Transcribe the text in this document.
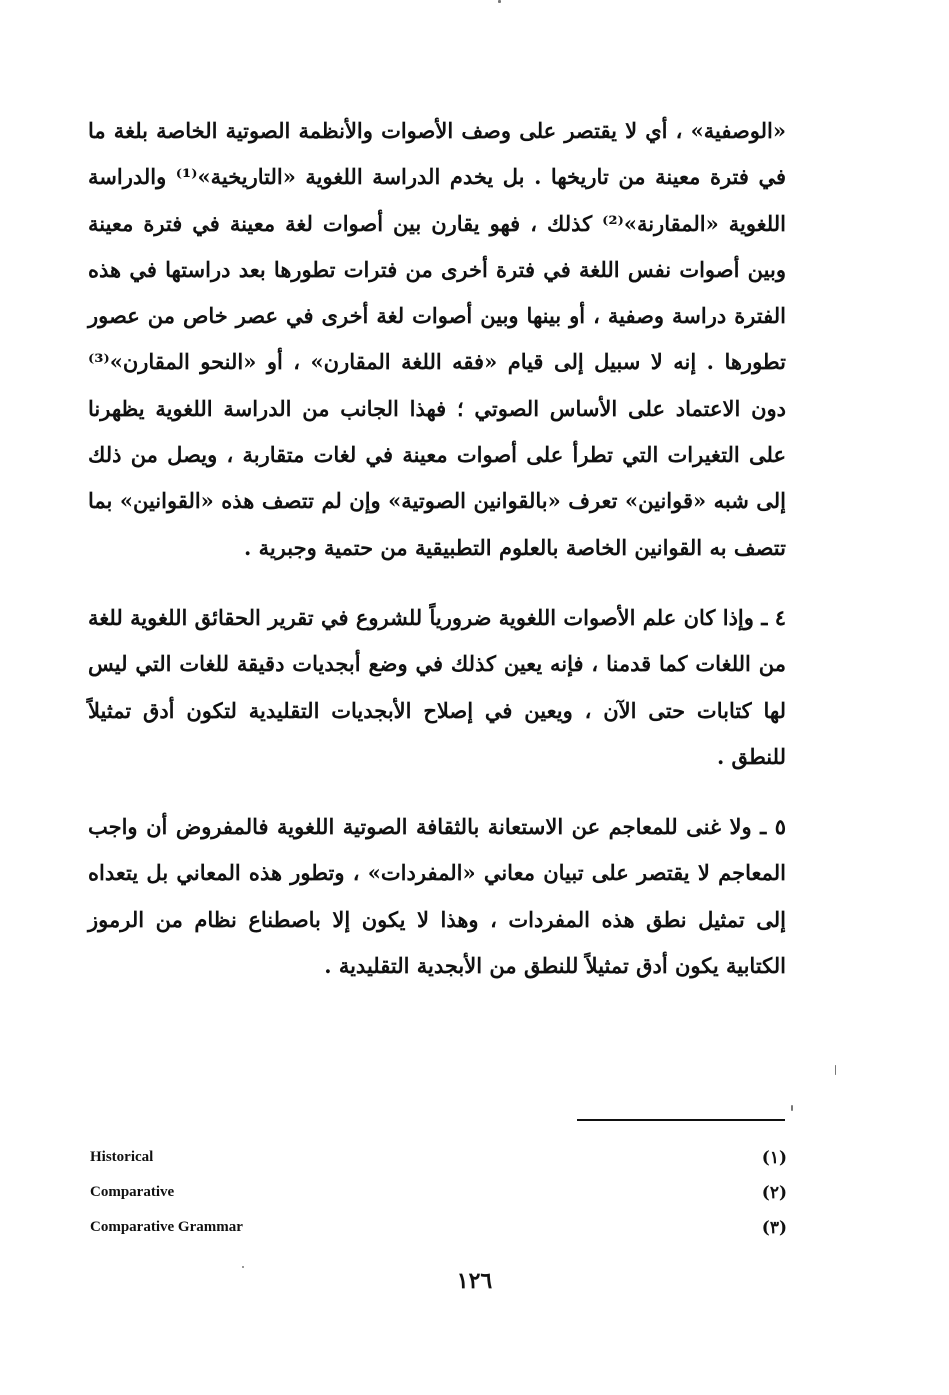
«الوصفية» ، أي لا يقتصر على وصف الأصوات والأنظمة الصوتية الخاصة بلغة ما في فترة معينة من تاريخها . بل يخدم الدراسة اللغوية «التاريخية»⁽¹⁾ والدراسة اللغوية «المقارنة»⁽²⁾ كذلك ، فهو يقارن بين أصوات لغة معينة في فترة معينة وبين أصوات نفس اللغة في فترة أخرى من فترات تطورها بعد دراستها في هذه الفترة دراسة وصفية ، أو بينها وبين أصوات لغة أخرى في عصر خاص من عصور تطورها . إنه لا سبيل إلى قيام «فقه اللغة المقارن» ، أو «النحو المقارن»⁽³⁾ دون الاعتماد على الأساس الصوتي ؛ فهذا الجانب من الدراسة اللغوية يظهرنا على التغيرات التي تطرأ على أصوات معينة في لغات متقاربة ، ويصل من ذلك إلى شبه «قوانين» تعرف «بالقوانين الصوتية» وإن لم تتصف هذه «القوانين» بما تتصف به القوانين الخاصة بالعلوم التطبيقية من حتمية وجبرية .

٤ ـ وإذا كان علم الأصوات اللغوية ضرورياً للشروع في تقرير الحقائق اللغوية للغة من اللغات كما قدمنا ، فإنه يعين كذلك في وضع أبجديات دقيقة للغات التي ليس لها كتابات حتى الآن ، ويعين في إصلاح الأبجديات التقليدية لتكون أدق تمثيلاً للنطق .

٥ ـ ولا غنى للمعاجم عن الاستعانة بالثقافة الصوتية اللغوية فالمفروض أن واجب المعاجم لا يقتصر على تبيان معاني «المفردات» ، وتطور هذه المعاني بل يتعداه إلى تمثيل نطق هذه المفردات ، وهذا لا يكون إلا باصطناع نظام من الرموز الكتابية يكون أدق تمثيلاً للنطق من الأبجدية التقليدية .

Historical	(١)
Comparative	(٢)
Comparative Grammar	(٣)
١٢٦
